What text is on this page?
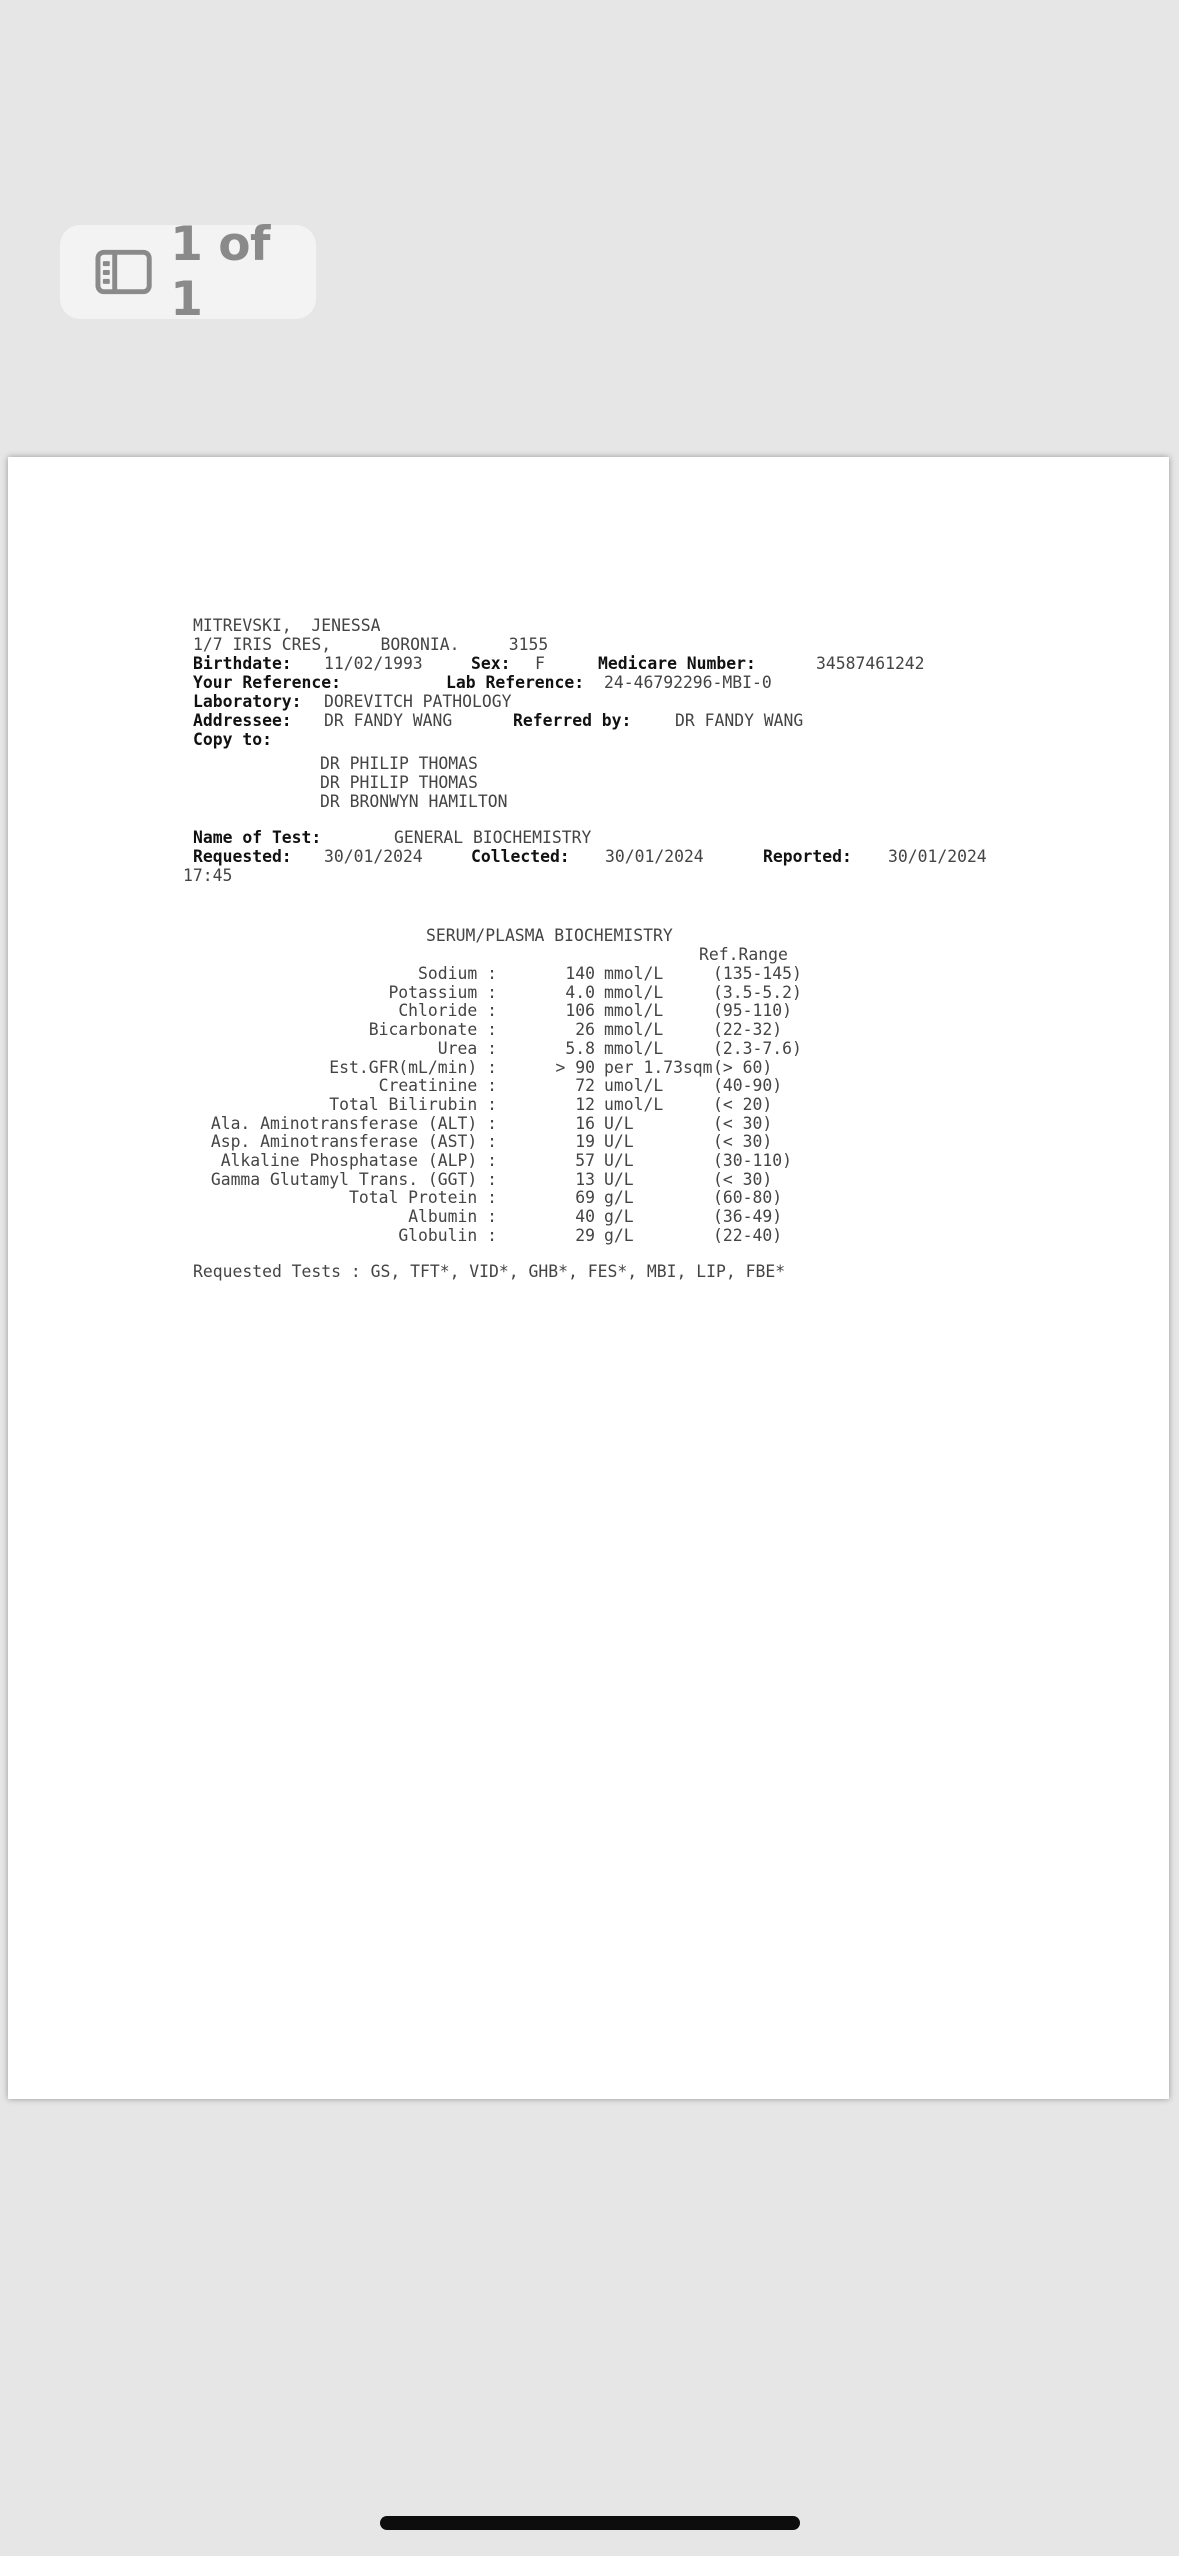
1 of 1
MITREVSKI,  JENESSA
1/7 IRIS CRES,     BORONIA.     3155
Birthdate: 11/02/1993	Sex: F	Medicare Number:	34587461242
Your Reference:	Lab Reference: 24-46792296-MBI-0
Laboratory: DOREVITCH PATHOLOGY
Addressee: DR FANDY WANG	Referred by:	DR FANDY WANG
Copy to:
DR PHILIP THOMAS
DR PHILIP THOMAS
DR BRONWYN HAMILTON
Name of Test:	GENERAL BIOCHEMISTRY
Requested: 30/01/2024	Collected: 30/01/2024	Reported: 30/01/2024
17:45
SERUM/PLASMA BIOCHEMISTRY
Ref.Range
Sodium :	140 mmol/L	(135-145)
Potassium :	4.0 mmol/L	(3.5-5.2)
Chloride :	106 mmol/L	(95-110)
Bicarbonate :	26 mmol/L	(22-32)
Urea :	5.8 mmol/L	(2.3-7.6)
Est.GFR(mL/min) :	> 90 per 1.73sqm (> 60)
Creatinine :	72 umol/L	(40-90)
Total Bilirubin :	12 umol/L	(< 20)
Ala. Aminotransferase (ALT) :	16 U/L	(< 30)
Asp. Aminotransferase (AST) :	19 U/L	(< 30)
Alkaline Phosphatase (ALP) :	57 U/L	(30-110)
Gamma Glutamyl Trans. (GGT) :	13 U/L	(< 30)
Total Protein :	69 g/L	(60-80)
Albumin :	40 g/L	(36-49)
Globulin :	29 g/L	(22-40)
Requested Tests : GS, TFT*, VID*, GHB*, FES*, MBI, LIP, FBE*
